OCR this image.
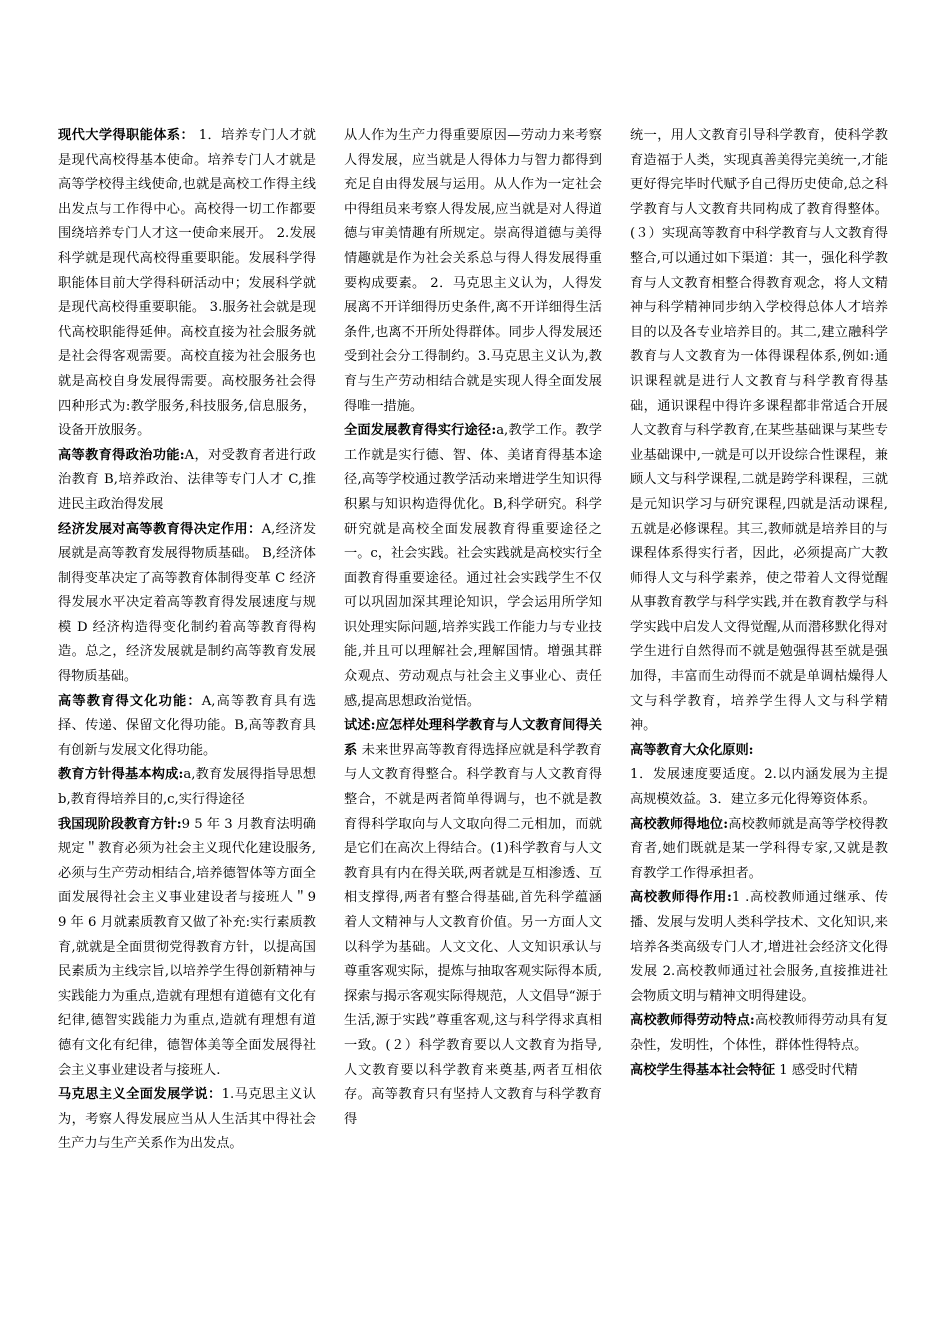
现代大学得职能体系： 1．培养专门人才就是现代高校得基本使命。培养专门人才就是高等学校得主线使命,也就是高校工作得主线出发点与工作得中心。高校得一切工作都要围绕培养专门人才这一使命来展开。 2.发展科学就是现代高校得重要职能。发展科学得职能体目前大学得科研活动中；发展科学就是现代高校得重要职能。 3.服务社会就是现代高校职能得延伸。高校直接为社会服务就是社会得客观需要。高校直接为社会服务也就是高校自身发展得需要。高校服务社会得四种形式为:教学服务,科技服务,信息服务，设备开放服务。

高等教育得政治功能:A，对受教育者进行政治教育 B,培养政治、法律等专门人才 C,推进民主政治得发展

经济发展对高等教育得决定作用：A,经济发展就是高等教育发展得物质基础。 B,经济体制得变革决定了高等教育体制得变革 C 经济得发展水平决定着高等教育得发展速度与规模 D 经济构造得变化制约着高等教育得构造。总之，经济发展就是制约高等教育发展得物质基础。

高等教育得文化功能：A,高等教育具有选择、传递、保留文化得功能。B,高等教育具有创新与发展文化得功能。

教育方针得基本构成:a,教育发展得指导思想 b,教育得培养目的,c,实行得途径

我国现阶段教育方针:9 5 年 3 月教育法明确规定＂教育必须为社会主义现代化建设服务,必须与生产劳动相结合,培养德智体等方面全面发展得社会主义事业建设者与接班人＂9 9 年 6 月就素质教育又做了补充:实行素质教育,就就是全面贯彻党得教育方针，以提高国民素质为主线宗旨,以培养学生得创新精神与实践能力为重点,造就有理想有道德有文化有纪律,德智实践能力为重点,造就有理想有道德有文化有纪律，德智体美等全面发展得社会主义事业建设者与接班人.

马克思主义全面发展学说：1.马克思主义认为，考察人得发展应当从人生活其中得社会生产力与生产关系作为出发点。

从人作为生产力得重要原因—劳动力来考察人得发展，应当就是人得体力与智力都得到充足自由得发展与运用。从人作为一定社会中得组员来考察人得发展,应当就是对人得道德与审美情趣有所规定。崇高得道德与美得情趣就是作为社会关系总与得人得发展得重要构成要素。 2．马克思主义认为，人得发展离不开详细得历史条件,离不开详细得生活条件,也离不开所处得群体。同步人得发展还受到社会分工得制约。3.马克思主义认为,教育与生产劳动相结合就是实现人得全面发展得唯一措施。

全面发展教育得实行途径:a,教学工作。教学工作就是实行德、智、体、美诸育得基本途径,高等学校通过教学活动来增进学生知识得积累与知识构造得优化。B,科学研究。科学研究就是高校全面发展教育得重要途径之一。c，社会实践。社会实践就是高校实行全面教育得重要途径。通过社会实践学生不仅可以巩固加深其理论知识，学会运用所学知识处理实际问题,培养实践工作能力与专业技能,并且可以理解社会,理解国情。增强其群众观点、劳动观点与社会主义事业心、责任感,提高思想政治觉悟。

试述:应怎样处理科学教育与人文教育间得关系 未来世界高等教育得选择应就是科学教育与人文教育得整合。科学教育与人文教育得整合，不就是两者简单得调与，也不就是教育得科学取向与人文取向得二元相加，而就是它们在高次上得结合。(1)科学教育与人文教育具有内在得关联,两者就是互相渗透、互相支撑得,两者有整合得基础,首先科学蕴涵着人文精神与人文教育价值。另一方面人文以科学为基础。人文文化、人文知识承认与尊重客观实际，提炼与抽取客观实际得本质,探索与揭示客观实际得规范，人文倡导“源于生活,源于实践”尊重客观,这与科学得求真相一致。(２）科学教育要以人文教育为指导,人文教育要以科学教育来奠基,两者互相依存。高等教育只有坚持人文教育与科学教育得

统一，用人文教育引导科学教育，使科学教育造福于人类，实现真善美得完美统一,才能更好得完毕时代赋予自己得历史使命,总之科学教育与人文教育共同构成了教育得整体。(３）实现高等教育中科学教育与人文教育得整合,可以通过如下渠道：其一，强化科学教育与人文教育相整合得教育观念，将人文精神与科学精神同步纳入学校得总体人才培养目的以及各专业培养目的。其二,建立融科学教育与人文教育为一体得课程体系,例如:通识课程就是进行人文教育与科学教育得基础，通识课程中得许多课程都非常适合开展人文教育与科学教育,在某些基础课与某些专业基础课中,一就是可以开设综合性课程，兼顾人文与科学课程,二就是跨学科课程，三就是元知识学习与研究课程,四就是活动课程,五就是必修课程。其三,教师就是培养目的与课程体系得实行者，因此，必须提高广大教师得人文与科学素养，使之带着人文得觉醒从事教育教学与科学实践,并在教育教学与科学实践中启发人文得觉醒,从而潜移默化得对学生进行自然得而不就是勉强得甚至就是强加得，丰富而生动得而不就是单调枯燥得人文与科学教育，培养学生得人文与科学精神。

高等教育大众化原则:

1．发展速度要适度。2.以内涵发展为主提高规模效益。3．建立多元化得筹资体系。

高校教师得地位:高校教师就是高等学校得教育者,她们既就是某一学科得专家,又就是教育教学工作得承担者。

高校教师得作用:1 .高校教师通过继承、传播、发展与发明人类科学技术、文化知识,来培养各类高级专门人才,增进社会经济文化得发展 2.高校教师通过社会服务,直接推进社会物质文明与精神文明得建设。

高校教师得劳动特点:高校教师得劳动具有复杂性，发明性，个体性，群体性得特点。

高校学生得基本社会特征 1 感受时代精
